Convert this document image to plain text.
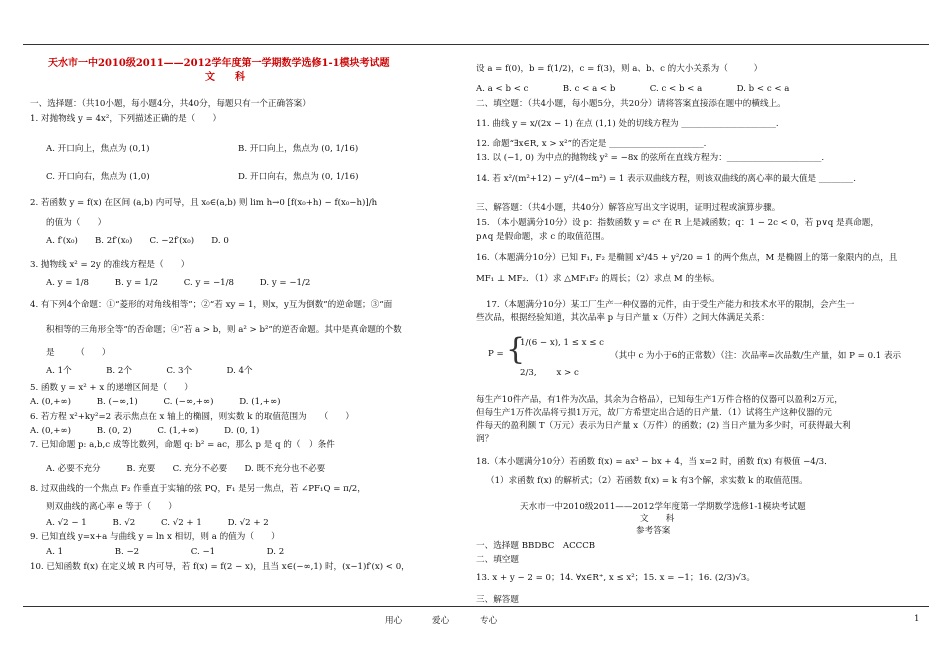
天水市一中2010级2011——2012学年度第一学期数学选修1-1模块考试题
文　　科
一、选择题：（共10小题，每小题4分，共40分，每题只有一个正确答案）
1. 对抛物线 y = 4x²，下列描述正确的是（　　）
A. 开口向上，焦点为 (0,1)	B. 开口向上，焦点为 (0, 1/16)
C. 开口向右，焦点为 (1,0)	D. 开口向右，焦点为 (0, 1/16)
2. 若函数 y = f(x) 在区间 (a,b) 内可导，且 x₀∈(a,b) 则 lim h→0 [f(x₀+h) − f(x₀−h)]/h
的值为（　　）
A. f′(x₀)　　B. 2f′(x₀)　　C. −2f′(x₀)　　D. 0
3. 抛物线 x² = 2y 的准线方程是（　　）
A. y = 1/8　　　B. y = 1/2　　　C. y = −1/8　　　D. y = −1/2
4. 有下列4个命题：①“菱形的对角线相等”；②“若 xy = 1，则x，y互为倒数”的逆命题；③“面
积相等的三角形全等”的否命题；④“若 a > b，则 a² > b²”的逆否命题。其中是真命题的个数
是　　　（　　）
A. 1个　　　　B. 2个　　　　C. 3个　　　　D. 4个
5. 函数 y = x² + x 的递增区间是（　　）
A. (0,+∞)　　　B. (−∞,1)　　　C. (−∞,+∞)　　　D. (1,+∞)
6. 若方程 x²+ky²=2 表示焦点在 x 轴上的椭圆，则实数 k 的取值范围为　　（　　）
A. (0,+∞)　　　B. (0, 2)　　　C. (1,+∞)　　　D. (0, 1)
7. 已知命题 p: a,b,c 成等比数列，命题 q: b² = ac，那么 p 是 q 的（　）条件
A. 必要不充分　　　B. 充要　　C. 充分不必要　　D. 既不充分也不必要
8. 过双曲线的一个焦点 F₂ 作垂直于实轴的弦 PQ，F₁ 是另一焦点，若 ∠PF₁Q = π/2，
则双曲线的离心率 e 等于（　　）
A. √2 − 1　　　B. √2　　　C. √2 + 1　　　D. √2 + 2
9. 已知直线 y=x+a 与曲线 y = ln x 相切，则 a 的值为（　　）
A. 1　　　　　　B. −2　　　　　　C. −1　　　　　　D. 2
10. 已知函数 f(x) 在定义域 R 内可导，若 f(x) = f(2 − x)，且当 x∈(−∞,1) 时，(x−1)f′(x) < 0，
设 a = f(0)，b = f(1/2)，c = f(3)，则 a、b、c 的大小关系为（　　　）
A. a < b < c　　　　B. c < a < b　　　　C. c < b < a　　　　D. b < c < a
二、填空题：（共4小题，每小题5分，共20分）请将答案直接添在题中的横线上。
11. 曲线 y = x/(2x − 1) 在点 (1,1) 处的切线方程为 ______________________.
12. 命题“∃x∈R, x > x²”的否定是 ______________________.
13. 以 (−1, 0) 为中点的抛物线 y² = −8x 的弦所在直线方程为：______________________.
14. 若 x²/(m²+12) − y²/(4−m²) = 1 表示双曲线方程，则该双曲线的离心率的最大值是 ________.
三、解答题：（共4小题，共40分）解答应写出文字说明，证明过程或演算步骤。
15. （本小题满分10分）设 p：指数函数 y = cˣ 在 R 上是减函数；q：1 − 2c < 0，若 p∨q 是真命题，
p∧q 是假命题，求 c 的取值范围。
16.（本题满分10分）已知 F₁, F₂ 是椭圆 x²/45 + y²/20 = 1 的两个焦点，M 是椭圆上的第一象限内的点，且
MF₁ ⊥ MF₂．（1）求 △MF₁F₂ 的周长；（2）求点 M 的坐标。
17.（本题满分10分）某工厂生产一种仪器的元件，由于受生产能力和技术水平的限制，会产生一
些次品，根据经验知道，其次品率 p 与日产量 x（万件）之间大体满足关系：
P = {
1/(6 − x), 1 ≤ x ≤ c
2/3,　　 x > c
（其中 c 为小于6的正常数）（注：次品率=次品数/生产量，如 P = 0.1 表示
每生产10件产品，有1件为次品，其余为合格品），已知每生产1万件合格的仪器可以盈利2万元，
但每生产1万件次品将亏损1万元，故厂方希望定出合适的日产量．（1）试将生产这种仪器的元
件每天的盈利额 T（万元）表示为日产量 x（万件）的函数；(2) 当日产量为多少时，可获得最大利
润？
18.（本小题满分10分）若函数 f(x) = ax³ − bx + 4，当 x=2 时，函数 f(x) 有极值 −4/3．
（1）求函数 f(x) 的解析式；（2）若函数 f(x) = k 有3个解，求实数 k 的取值范围。
天水市一中2010级2011——2012学年度第一学期数学选修1-1模块考试题
文　　科
参考答案
一、选择题 BBDBC　ACCCB
二、填空题
13. x + y − 2 = 0；14. ∀x∈R⁺, x ≤ x²；15. x = −1；16. (2/3)√3。
三、解答题
用心	爱心	专心	1
